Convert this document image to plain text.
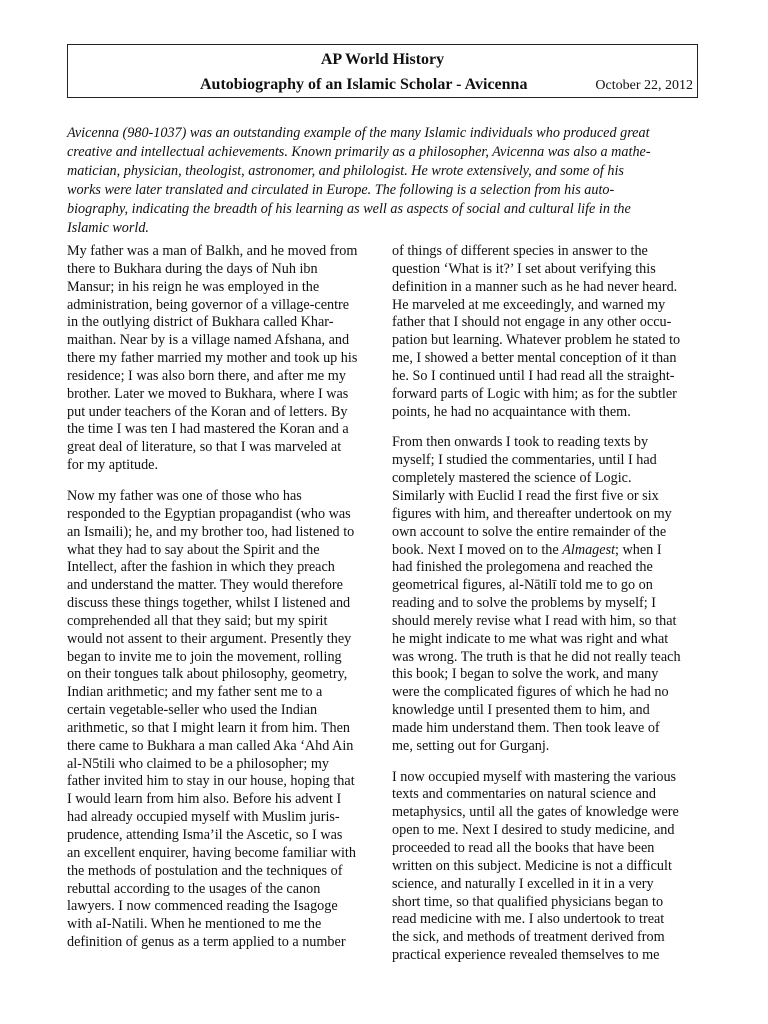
AP World History
Autobiography of an Islamic Scholar - Avicenna	October 22, 2012
Avicenna (980-1037) was an outstanding example of the many Islamic individuals who produced great
creative and intellectual achievements. Known primarily as a philosopher, Avicenna was also a mathe-
matician, physician, theologist, astronomer, and philologist. He wrote extensively, and some of his
works were later translated and circulated in Europe. The following is a selection from his auto-
biography, indicating the breadth of his learning as well as aspects of social and cultural life in the
Islamic world.

My father was a man of Balkh, and he moved from
there to Bukhara during the days of Nuh ibn
Mansur; in his reign he was employed in the
administration, being governor of a village-centre
in the outlying district of Bukhara called Khar-
maithan. Near by is a village named Afshana, and
there my father married my mother and took up his
residence; I was also born there, and after me my
brother. Later we moved to Bukhara, where I was
put under teachers of the Koran and of letters. By
the time I was ten I had mastered the Koran and a
great deal of literature, so that I was marveled at
for my aptitude.

Now my father was one of those who has
responded to the Egyptian propagandist (who was
an Ismaili); he, and my brother too, had listened to
what they had to say about the Spirit and the
Intellect, after the fashion in which they preach
and understand the matter. They would therefore
discuss these things together, whilst I listened and
comprehended all that they said; but my spirit
would not assent to their argument. Presently they
began to invite me to join the movement, rolling
on their tongues talk about philosophy, geometry,
Indian arithmetic; and my father sent me to a
certain vegetable-seller who used the Indian
arithmetic, so that I might learn it from him. Then
there came to Bukhara a man called Aka ‘Ahd Ain
al-N5tili who claimed to be a philosopher; my
father invited him to stay in our house, hoping that
I would learn from him also. Before his advent I
had already occupied myself with Muslim juris-
prudence, attending Isma’il the Ascetic, so I was
an excellent enquirer, having become familiar with
the methods of postulation and the techniques of
rebuttal according to the usages of the canon
lawyers. I now commenced reading the Isagoge
with aI-Natili. When he mentioned to me the
definition of genus as a term applied to a number

of things of different species in answer to the
question ‘What is it?’ I set about verifying this
definition in a manner such as he had never heard.
He marveled at me exceedingly, and warned my
father that I should not engage in any other occu-
pation but learning. Whatever problem he stated to
me, I showed a better mental conception of it than
he. So I continued until I had read all the straight-
forward parts of Logic with him; as for the subtler
points, he had no acquaintance with them.

From then onwards I took to reading texts by
myself; I studied the commentaries, until I had
completely mastered the science of Logic.
Similarly with Euclid I read the first five or six
figures with him, and thereafter undertook on my
own account to solve the entire remainder of the
book. Next I moved on to the Almagest; when I
had finished the prolegomena and reached the
geometrical figures, al-Nātilī told me to go on
reading and to solve the problems by myself; I
should merely revise what I read with him, so that
he might indicate to me what was right and what
was wrong. The truth is that he did not really teach
this book; I began to solve the work, and many
were the complicated figures of which he had no
knowledge until I presented them to him, and
made him understand them. Then took leave of
me, setting out for Gurganj.

I now occupied myself with mastering the various
texts and commentaries on natural science and
metaphysics, until all the gates of knowledge were
open to me. Next I desired to study medicine, and
proceeded to read all the books that have been
written on this subject. Medicine is not a difficult
science, and naturally I excelled in it in a very
short time, so that qualified physicians began to
read medicine with me. I also undertook to treat
the sick, and methods of treatment derived from
practical experience revealed themselves to me
